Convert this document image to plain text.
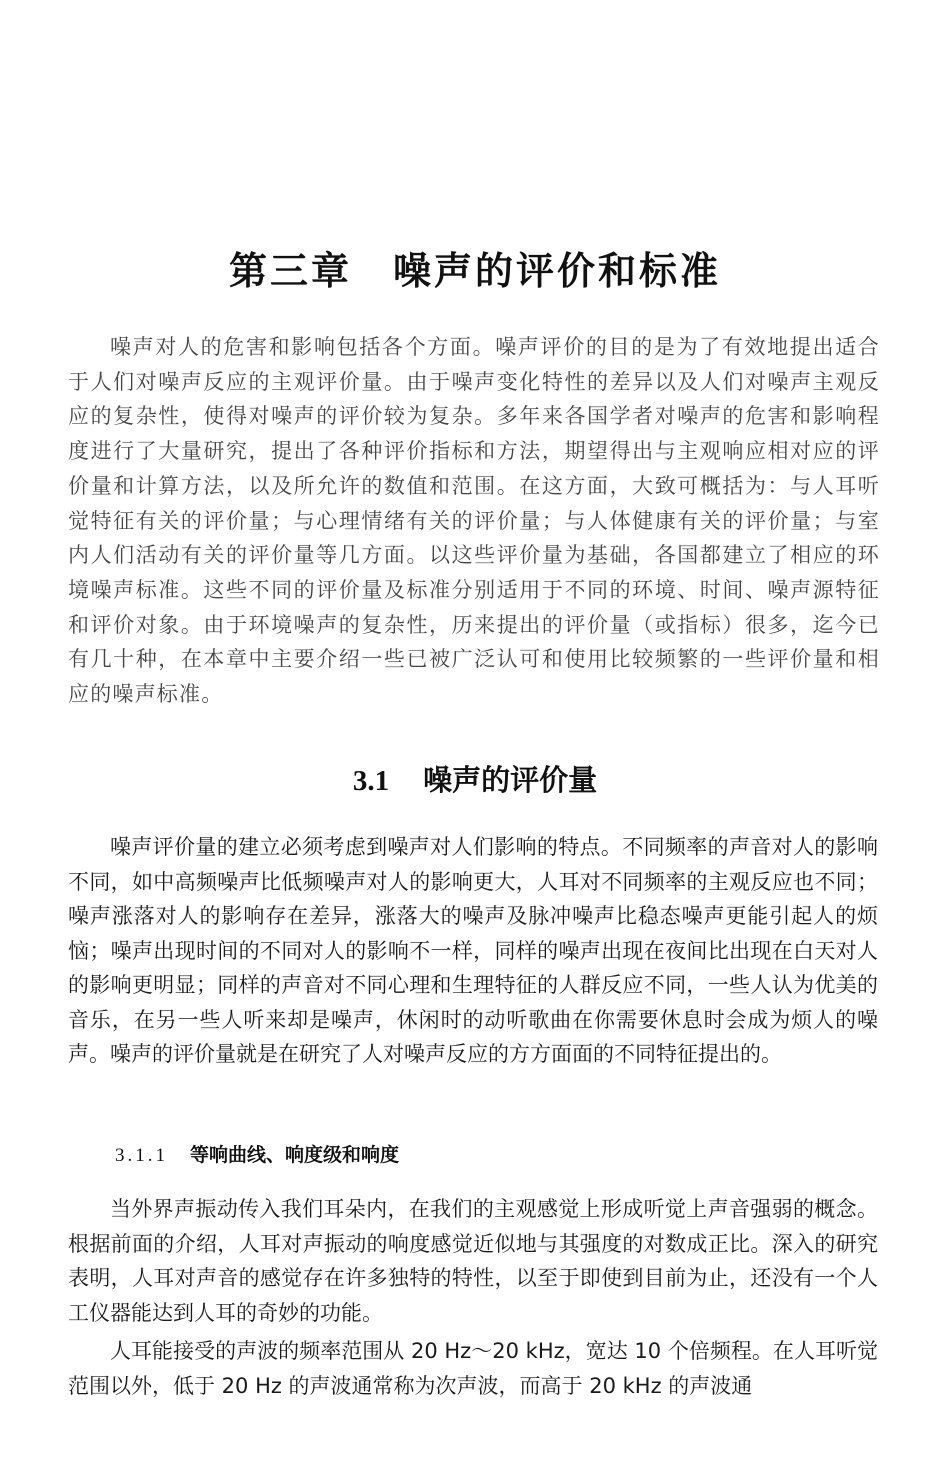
第三章　噪声的评价和标准

噪声对人的危害和影响包括各个方面。噪声评价的目的是为了有效地提出适合于人们对噪声反应的主观评价量。由于噪声变化特性的差异以及人们对噪声主观反应的复杂性，使得对噪声的评价较为复杂。多年来各国学者对噪声的危害和影响程度进行了大量研究，提出了各种评价指标和方法，期望得出与主观响应相对应的评价量和计算方法，以及所允许的数值和范围。在这方面，大致可概括为：与人耳听觉特征有关的评价量；与心理情绪有关的评价量；与人体健康有关的评价量；与室内人们活动有关的评价量等几方面。以这些评价量为基础，各国都建立了相应的环境噪声标准。这些不同的评价量及标准分别适用于不同的环境、时间、噪声源特征和评价对象。由于环境噪声的复杂性，历来提出的评价量（或指标）很多，迄今已有几十种，在本章中主要介绍一些已被广泛认可和使用比较频繁的一些评价量和相应的噪声标准。

3.1 噪声的评价量

噪声评价量的建立必须考虑到噪声对人们影响的特点。不同频率的声音对人的影响不同，如中高频噪声比低频噪声对人的影响更大，人耳对不同频率的主观反应也不同；噪声涨落对人的影响存在差异，涨落大的噪声及脉冲噪声比稳态噪声更能引起人的烦恼；噪声出现时间的不同对人的影响不一样，同样的噪声出现在夜间比出现在白天对人的影响更明显；同样的声音对不同心理和生理特征的人群反应不同，一些人认为优美的音乐，在另一些人听来却是噪声，休闲时的动听歌曲在你需要休息时会成为烦人的噪声。噪声的评价量就是在研究了人对噪声反应的方方面面的不同特征提出的。

3.1.1 等响曲线、响度级和响度

当外界声振动传入我们耳朵内，在我们的主观感觉上形成听觉上声音强弱的概念。根据前面的介绍，人耳对声振动的响度感觉近似地与其强度的对数成正比。深入的研究表明，人耳对声音的感觉存在许多独特的特性，以至于即使到目前为止，还没有一个人工仪器能达到人耳的奇妙的功能。

人耳能接受的声波的频率范围从 20 Hz～20 kHz，宽达 10 个倍频程。在人耳听觉范围以外，低于 20 Hz 的声波通常称为次声波，而高于 20 kHz 的声波通
